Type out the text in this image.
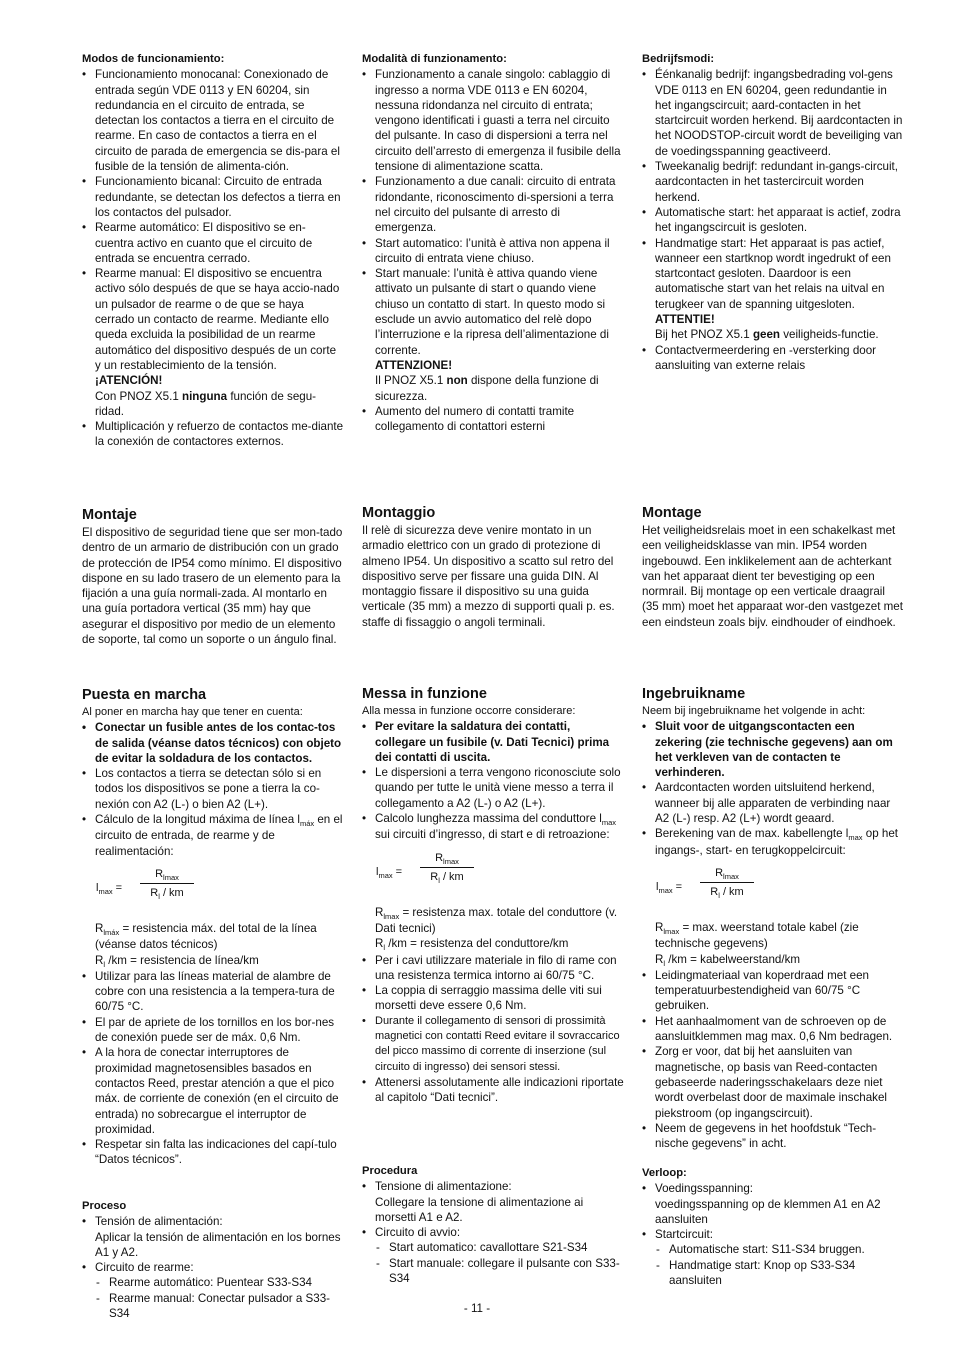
Modos de funcionamiento:
• Funcionamiento monocanal: Conexionado de entrada según VDE 0113 y EN 60204, sin redundancia en el circuito de entrada, se detectan los contactos a tierra en el circuito de rearme. En caso de contactos a tierra en el circuito de parada de emergencia se dis-para el fusible de la tensión de alimenta-ción.
• Funcionamiento bicanal: Circuito de entrada redundante, se detectan los defectos a tierra en los contactos del pulsador.
• Rearme automático: El dispositivo se en-cuentra activo en cuanto que el circuito de entrada se encuentra cerrado.
• Rearme manual: El dispositivo se encuentra activo sólo después de que se haya accio-nado un pulsador de rearme o de que se haya cerrado un contacto de rearme. Mediante ello queda excluida la posibilidad de un rearme automático del dispositivo después de un corte y un restablecimiento de la tensión.
¡ATENCIÓN!
Con PNOZ X5.1 ninguna función de segu-ridad.
• Multiplicación y refuerzo de contactos me-diante la conexión de contactores externos.
Montaje
El dispositivo de seguridad tiene que ser mon-tado dentro de un armario de distribución con un grado de protección de IP54 como mínimo. El dispositivo dispone en su lado trasero de un elemento para la fijación a una guía normali-zada. Al montarlo en una guía portadora vertical (35 mm) hay que asegurar el dispositivo por medio de un elemento de soporte, tal como un soporte o un ángulo final.
Puesta en marcha
Al poner en marcha hay que tener en cuenta:
• Conectar un fusible antes de los contac-tos de salida (véanse datos técnicos) con objeto de evitar la soldadura de los contactos.
• Los contactos a tierra se detectan sólo si en todos los dispositivos se pone a tierra la co-nexión con A2 (L-) o bien A2 (L+).
• Cálculo de la longitud máxima de línea $l_{máx}$ en el circuito de entrada, de rearme y de realimentación:
$l_{max}$ =
$R_{lmax}$
$R_l$ / km
$R_{lmáx}$ = resistencia máx. del total de la línea (véanse datos técnicos)
$R_l$ /km = resistencia de línea/km
• Utilizar para las líneas material de alambre de cobre con una resistencia a la tempera-tura de 60/75 °C.
• El par de apriete de los tornillos en los bor-nes de conexión puede ser de máx. 0,6 Nm.
• A la hora de conectar interruptores de proximidad magnetosensibles basados en contactos Reed, prestar atención a que el pico máx. de corriente de conexión (en el circuito de entrada) no sobrecargue el interruptor de proximidad.
• Respetar sin falta las indicaciones del capí-tulo “Datos técnicos”.
Proceso
• Tensión de alimentación:
Aplicar la tensión de alimentación en los bornes A1 y A2.
• Circuito de rearme:
- Rearme automático: Puentear S33-S34
- Rearme manual: Conectar pulsador a S33-S34
Modalità di funzionamento:
• Funzionamento a canale singolo: cablaggio di ingresso a norma VDE 0113 e EN 60204, nessuna ridondanza nel circuito di entrata; vengono identificati i guasti a terra nel circuito del pulsante. In caso di dispersioni a terra nel circuito dell’arresto di emergenza il fusibile della tensione di alimentazione scatta.
• Funzionamento a due canali: circuito di entrata ridondante, riconoscimento di-spersioni a terra nel circuito del pulsante di arresto di emergenza.
• Start automatico: l’unità è attiva non appena il circuito di entrata viene chiuso.
• Start manuale: l’unità è attiva quando viene attivato un pulsante di start o quando viene chiuso un contatto di start. In questo modo si esclude un avvio automatico del relè dopo l’interruzione e la ripresa dell’alimentazione di corrente.
ATTENZIONE!
Il PNOZ X5.1 non dispone della funzione di sicurezza.
• Aumento del numero di contatti tramite collegamento di contattori esterni
Montaggio
Il relè di sicurezza deve venire montato in un armadio elettrico con un grado di protezione di almeno IP54. Un dispositivo a scatto sul retro del dispositivo serve per fissare una guida DIN. Al montaggio fissare il dispositivo su una guida verticale (35 mm) a mezzo di supporti quali p. es. staffe di fissaggio o angoli terminali.
Messa in funzione
Alla messa in funzione occorre considerare:
• Per evitare la saldatura dei contatti, collegare un fusibile (v. Dati Tecnici) prima dei contatti di uscita.
• Le dispersioni a terra vengono riconosciute solo quando per tutte le unità viene messo a terra il collegamento a A2 (L-) o A2 (L+).
• Calcolo lunghezza massima del conduttore $l_{max}$ sui circuiti d’ingresso, di start e di retroazione:
$l_{max}$ =
$R_{lmax}$
$R_l$ / km
$R_{lmax}$ = resistenza max. totale del conduttore (v. Dati tecnici)
$R_l$ /km = resistenza del conduttore/km
• Per i cavi utilizzare materiale in filo di rame con una resistenza termica intorno ai 60/75 °C.
• La coppia di serraggio massima delle viti sui morsetti deve essere 0,6 Nm.
• Durante il collegamento di sensori di prossimità magnetici con contatti Reed evitare il sovraccarico del picco massimo di corrente di inserzione (sul circuito di ingresso) dei sensori stessi.
• Attenersi assolutamente alle indicazioni riportate al capitolo “Dati tecnici”.
Procedura
• Tensione di alimentazione:
Collegare la tensione di alimentazione ai morsetti A1 e A2.
• Circuito di avvio:
- Start automatico: cavallottare S21-S34
- Start manuale: collegare il pulsante con S33-S34
Bedrijfsmodi:
• Éénkanalig bedrijf: ingangsbedrading vol-gens VDE 0113 en EN 60204, geen redundantie in het ingangscircuit; aard-contacten in het startcircuit worden herkend. Bij aardcontacten in het NOODSTOP-circuit wordt de beveiliging van de voedingsspanning geactiveerd.
• Tweekanalig bedrijf: redundant in-gangs-circuit, aardcontacten in het tastercircuit worden herkend.
• Automatische start: het apparaat is actief, zodra het ingangscircuit is gesloten.
• Handmatige start: Het apparaat is pas actief, wanneer een startknop wordt ingedrukt of een startcontact gesloten. Daardoor is een automatische start van het relais na uitval en terugkeer van de spanning uitgesloten.
ATTENTIE!
Bij het PNOZ X5.1 geen veiligheids-functie.
• Contactvermeerdering en -versterking door aansluiting van externe relais
Montage
Het veiligheidsrelais moet in een schakelkast met een veiligheidsklasse van min. IP54 worden ingebouwd. Een inklikelement aan de achterkant van het apparaat dient ter bevestiging op een normrail. Bij montage op een verticale draagrail (35 mm) moet het apparaat wor-den vastgezet met een eindsteun zoals bijv. eindhouder of eindhoek.
Ingebruikname
Neem bij ingebruikname het volgende in acht:
• Sluit voor de uitgangscontacten een zekering (zie technische gegevens) aan om het verkleven van de contacten te verhinderen.
• Aardcontacten worden uitsluitend herkend, wanneer bij alle apparaten de verbinding naar A2 (L-) resp. A2 (L+) wordt geaard.
• Berekening van de max. kabellengte $l_{max}$ op het ingangs-, start- en terugkoppelcircuit:
$l_{max}$ =
$R_{lmax}$
$R_l$ / km
$R_{lmax} = \max$. weerstand totale kabel (zie technische gegevens)
$R_l$ /km = kabelweerstand/km
• Leidingmateriaal van koperdraad met een temperatuurbestendigheid van 60/75 °C gebruiken.
• Het aanhaalmoment van de schroeven op de aansluitklemmen mag max. 0,6 Nm bedragen.
• Zorg er voor, dat bij het aansluiten van magnetische, op basis van Reed-contacten gebaseerde naderingsschakelaars deze niet wordt overbelast door de maximale inschakel piekstroom (op ingangscircuit).
• Neem de gegevens in het hoofdstuk “Tech-nische gegevens” in acht.
Verloop:
• Voedingsspanning:
voedingsspanning op de klemmen A1 en A2 aansluiten
• Startcircuit:
- Automatische start: S11-S34 bruggen.
- Handmatige start: Knop op S33-S34 aansluiten
- 11 -
